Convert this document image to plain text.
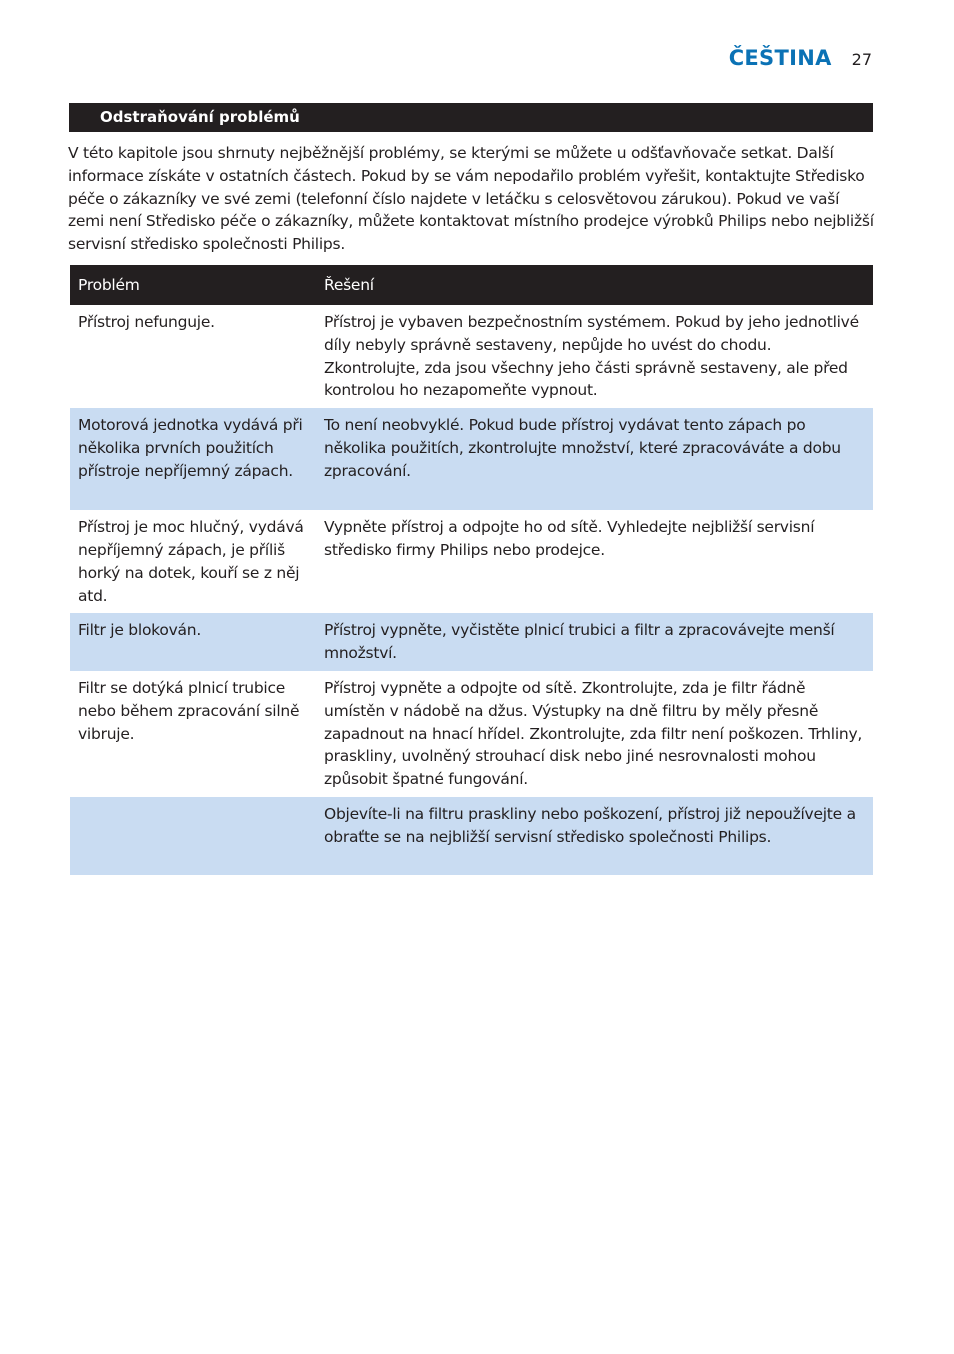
ČEŠTINA 27
Odstraňování problémů

V této kapitole jsou shrnuty nejběžnější problémy, se kterými se můžete u odšťavňovače setkat. Další informace získáte v ostatních částech. Pokud by se vám nepodařilo problém vyřešit, kontaktujte Středisko péče o zákazníky ve své zemi (telefonní číslo najdete v letáčku s celosvětovou zárukou). Pokud ve vaší zemi není Středisko péče o zákazníky, můžete kontaktovat místního prodejce výrobků Philips nebo nejbližší servisní středisko společnosti Philips.

Problém	Řešení
Přístroj nefunguje.	Přístroj je vybaven bezpečnostním systémem. Pokud by jeho jednotlivé díly nebyly správně sestaveny, nepůjde ho uvést do chodu. Zkontrolujte, zda jsou všechny jeho části správně sestaveny, ale před kontrolou ho nezapomeňte vypnout.
Motorová jednotka vydává při několika prvních použitích přístroje nepříjemný zápach.	To není neobvyklé. Pokud bude přístroj vydávat tento zápach po několika použitích, zkontrolujte množství, které zpracováváte a dobu zpracování.
Přístroj je moc hlučný, vydává nepříjemný zápach, je příliš horký na dotek, kouří se z něj atd.	Vypněte přístroj a odpojte ho od sítě. Vyhledejte nejbližší servisní středisko firmy Philips nebo prodejce.
Filtr je blokován.	Přístroj vypněte, vyčistěte plnicí trubici a filtr a zpracovávejte menší množství.
Filtr se dotýká plnicí trubice nebo během zpracování silně vibruje.	Přístroj vypněte a odpojte od sítě. Zkontrolujte, zda je filtr řádně umístěn v nádobě na džus. Výstupky na dně filtru by měly přesně zapadnout na hnací hřídel. Zkontrolujte, zda filtr není poškozen. Trhliny, praskliny, uvolněný strouhací disk nebo jiné nesrovnalosti mohou způsobit špatné fungování.
	Objevíte-li na filtru praskliny nebo poškození, přístroj již nepoužívejte a obraťte se na nejbližší servisní středisko společnosti Philips.
